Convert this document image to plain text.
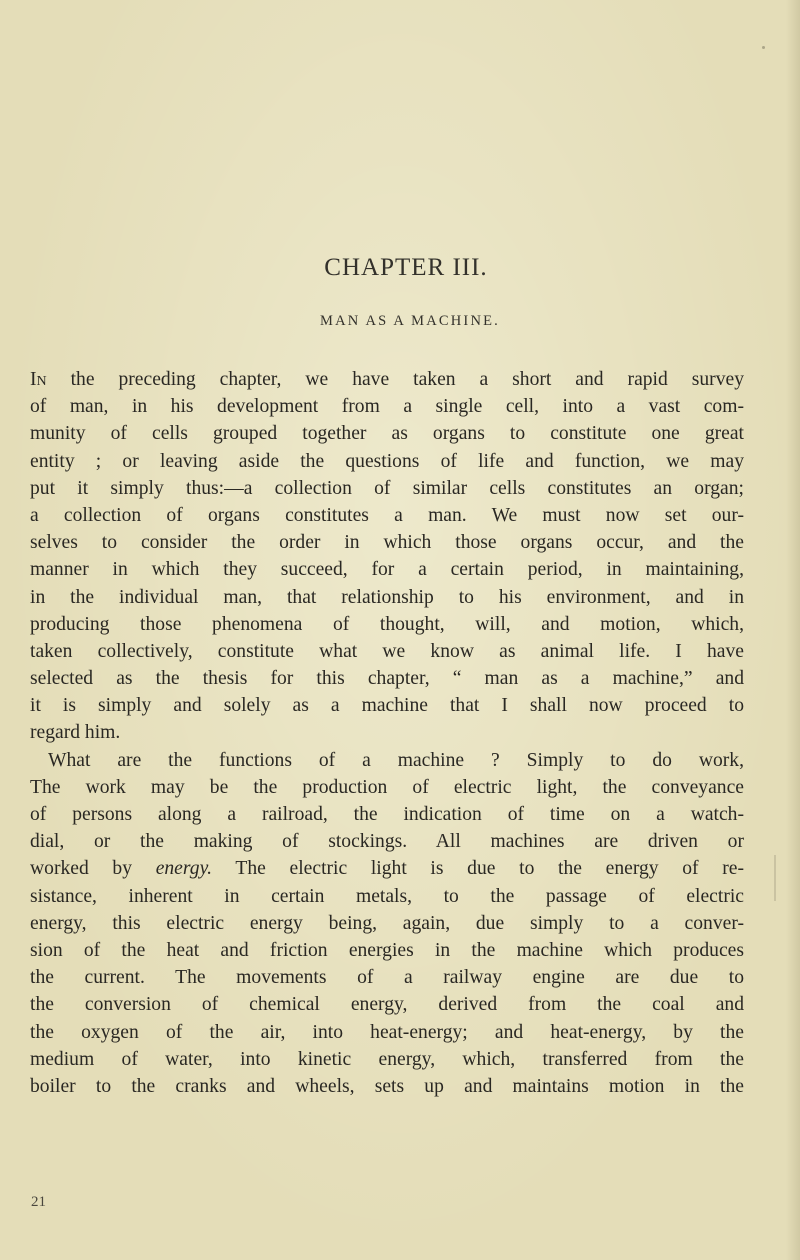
CHAPTER III.
MAN AS A MACHINE.
In the preceding chapter, we have taken a short and rapid survey
of man, in his development from a single cell, into a vast com-
munity of cells grouped together as organs to constitute one great
entity ; or leaving aside the questions of life and function, we may
put it simply thus:—a collection of similar cells constitutes an organ;
a collection of organs constitutes a man. We must now set our-
selves to consider the order in which those organs occur, and the
manner in which they succeed, for a certain period, in maintaining,
in the individual man, that relationship to his environment, and in
producing those phenomena of thought, will, and motion, which,
taken collectively, constitute what we know as animal life. I have
selected as the thesis for this chapter, “ man as a machine,” and
it is simply and solely as a machine that I shall now proceed to
regard him.
What are the functions of a machine ? Simply to do work,
The work may be the production of electric light, the conveyance
of persons along a railroad, the indication of time on a watch-
dial, or the making of stockings. All machines are driven or
worked by energy. The electric light is due to the energy of re-
sistance, inherent in certain metals, to the passage of electric
energy, this electric energy being, again, due simply to a conver-
sion of the heat and friction energies in the machine which produces
the current. The movements of a railway engine are due to
the conversion of chemical energy, derived from the coal and
the oxygen of the air, into heat-energy; and heat-energy, by the
medium of water, into kinetic energy, which, transferred from the
boiler to the cranks and wheels, sets up and maintains motion in the
21
